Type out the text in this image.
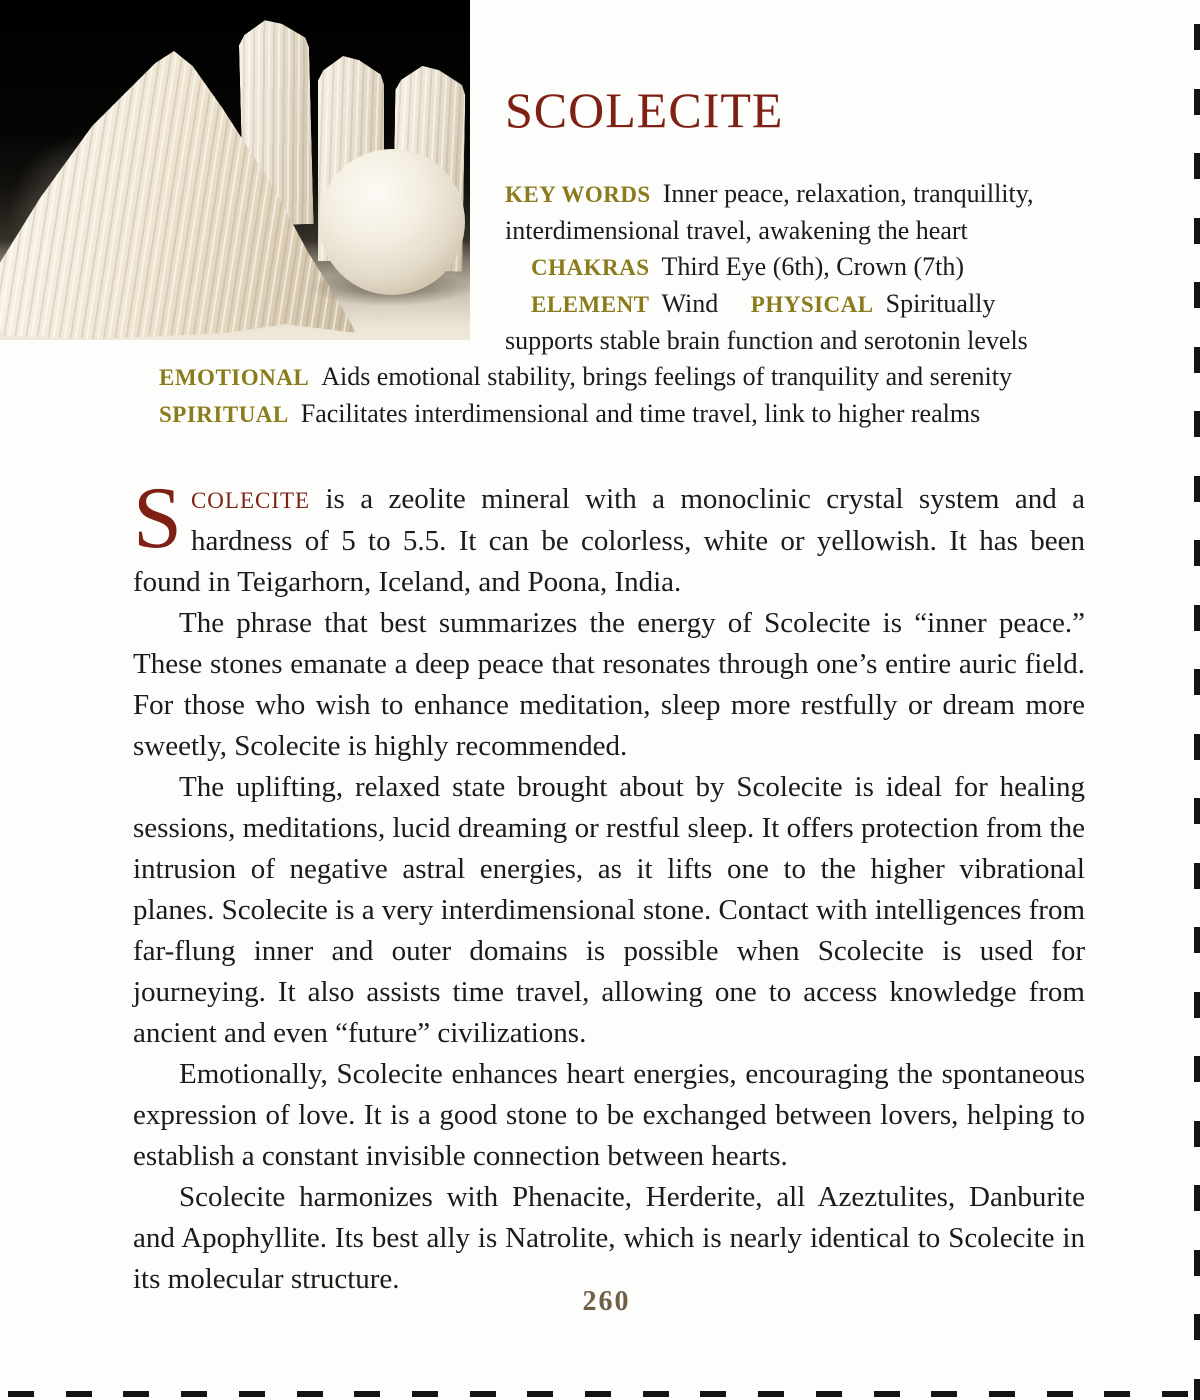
SCOLECITE

KEY WORDS Inner peace, relaxation, tranquillity, interdimensional travel, awakening the heart CHAKRAS Third Eye (6th), Crown (7th) ELEMENT Wind PHYSICAL Spiritually supports stable brain function and serotonin levels EMOTIONAL Aids emotional stability, brings feelings of tranquility and serenity SPIRITUAL Facilitates interdimensional and time travel, link to higher realms

SCOLECITE is a zeolite mineral with a monoclinic crystal system and a hardness of 5 to 5.5. It can be colorless, white or yellowish. It has been found in Teigarhorn, Iceland, and Poona, India.

The phrase that best summarizes the energy of Scolecite is “inner peace.” These stones emanate a deep peace that resonates through one’s entire auric field. For those who wish to enhance meditation, sleep more restfully or dream more sweetly, Scolecite is highly recommended.

The uplifting, relaxed state brought about by Scolecite is ideal for healing sessions, meditations, lucid dreaming or restful sleep. It offers protection from the intrusion of negative astral energies, as it lifts one to the higher vibrational planes. Scolecite is a very interdimensional stone. Contact with intelligences from far-flung inner and outer domains is possible when Scolecite is used for journeying. It also assists time travel, allowing one to access knowledge from ancient and even “future” civilizations.

Emotionally, Scolecite enhances heart energies, encouraging the spontaneous expression of love. It is a good stone to be exchanged between lovers, helping to establish a constant invisible connection between hearts.

Scolecite harmonizes with Phenacite, Herderite, all Azeztulites, Danburite and Apophyllite. Its best ally is Natrolite, which is nearly identical to Scolecite in its molecular structure.

260
